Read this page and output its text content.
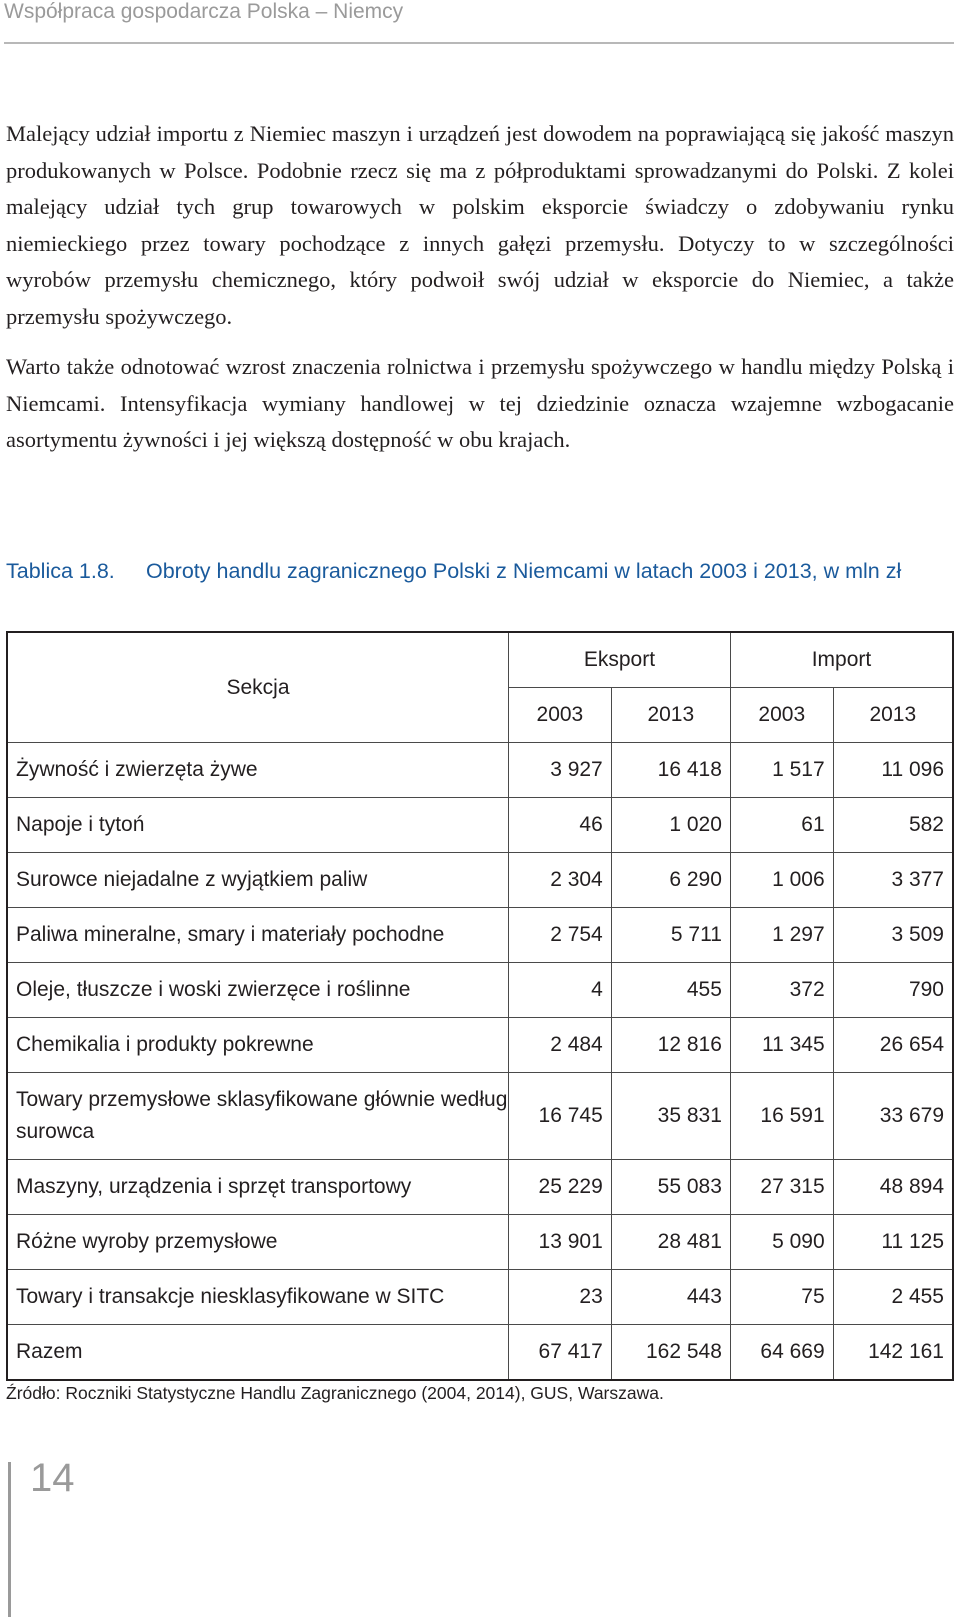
Współpraca gospodarcza Polska – Niemcy

Malejący udział importu z Niemiec maszyn i urządzeń jest dowodem na poprawiającą się jakość maszyn produkowanych w Polsce. Podobnie rzecz się ma z półproduktami sprowadzanymi do Polski. Z kolei malejący udział tych grup towarowych w polskim eksporcie świadczy o zdobywaniu rynku niemieckiego przez towary pochodzące z innych gałęzi przemysłu. Dotyczy to w szczególności wyrobów przemysłu chemicznego, który podwoił swój udział w eksporcie do Niemiec, a także przemysłu spożywczego.

Warto także odnotować wzrost znaczenia rolnictwa i przemysłu spożywczego w handlu między Polską i Niemcami. Intensyfikacja wymiany handlowej w tej dziedzinie oznacza wzajemne wzbogacanie asortymentu żywności i jej większą dostępność w obu krajach.

Tablica 1.8. Obroty handlu zagranicznego Polski z Niemcami w latach 2003 i 2013, w mln zł
Sekcja	Eksport		Import	
	2003	2013	2003	2013
Żywność i zwierzęta żywe	3 927	16 418	1 517	11 096
Napoje i tytoń	46	1 020	61	582
Surowce niejadalne z wyjątkiem paliw	2 304	6 290	1 006	3 377
Paliwa mineralne, smary i materiały pochodne	2 754	5 711	1 297	3 509
Oleje, tłuszcze i woski zwierzęce i roślinne	4	455	372	790
Chemikalia i produkty pokrewne	2 484	12 816	11 345	26 654
Towary przemysłowe sklasyfikowane głównie według surowca	16 745	35 831	16 591	33 679
Maszyny, urządzenia i sprzęt transportowy	25 229	55 083	27 315	48 894
Różne wyroby przemysłowe	13 901	28 481	5 090	11 125
Towary i transakcje niesklasyfikowane w SITC	23	443	75	2 455
Razem	67 417	162 548	64 669	142 161
Źródło: Roczniki Statystyczne Handlu Zagranicznego (2004, 2014), GUS, Warszawa.
14
